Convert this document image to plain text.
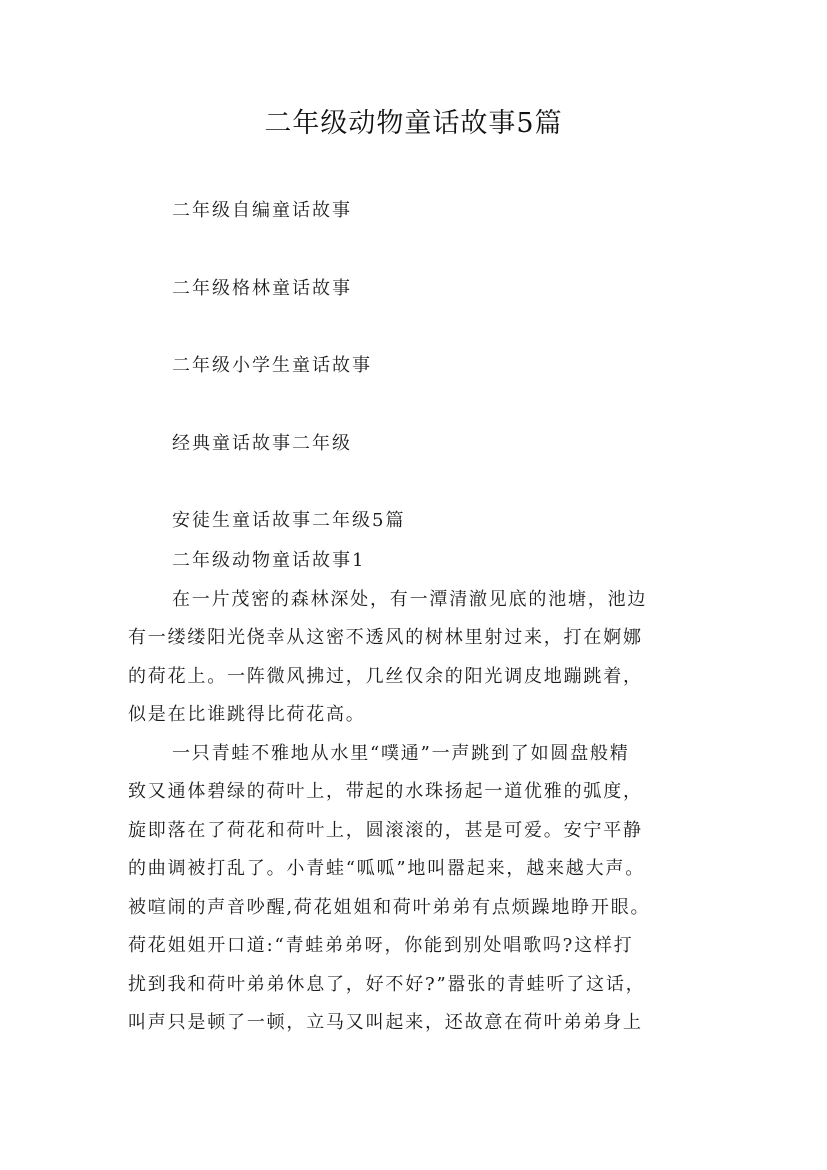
二年级动物童话故事5篇
二年级自编童话故事
二年级格林童话故事
二年级小学生童话故事
经典童话故事二年级
安徒生童话故事二年级5篇
二年级动物童话故事1
在一片茂密的森林深处，有一潭清澈见底的池塘，池边
有一缕缕阳光侥幸从这密不透风的树林里射过来，打在婀娜
的荷花上。一阵微风拂过，几丝仅余的阳光调皮地蹦跳着，
似是在比谁跳得比荷花高。
一只青蛙不雅地从水里“噗通”一声跳到了如圆盘般精
致又通体碧绿的荷叶上，带起的水珠扬起一道优雅的弧度，
旋即落在了荷花和荷叶上，圆滚滚的，甚是可爱。安宁平静
的曲调被打乱了。小青蛙“呱呱”地叫嚣起来，越来越大声。
被喧闹的声音吵醒,荷花姐姐和荷叶弟弟有点烦躁地睁开眼。
荷花姐姐开口道:“青蛙弟弟呀，你能到别处唱歌吗?这样打
扰到我和荷叶弟弟休息了，好不好?”嚣张的青蛙听了这话，
叫声只是顿了一顿，立马又叫起来，还故意在荷叶弟弟身上
